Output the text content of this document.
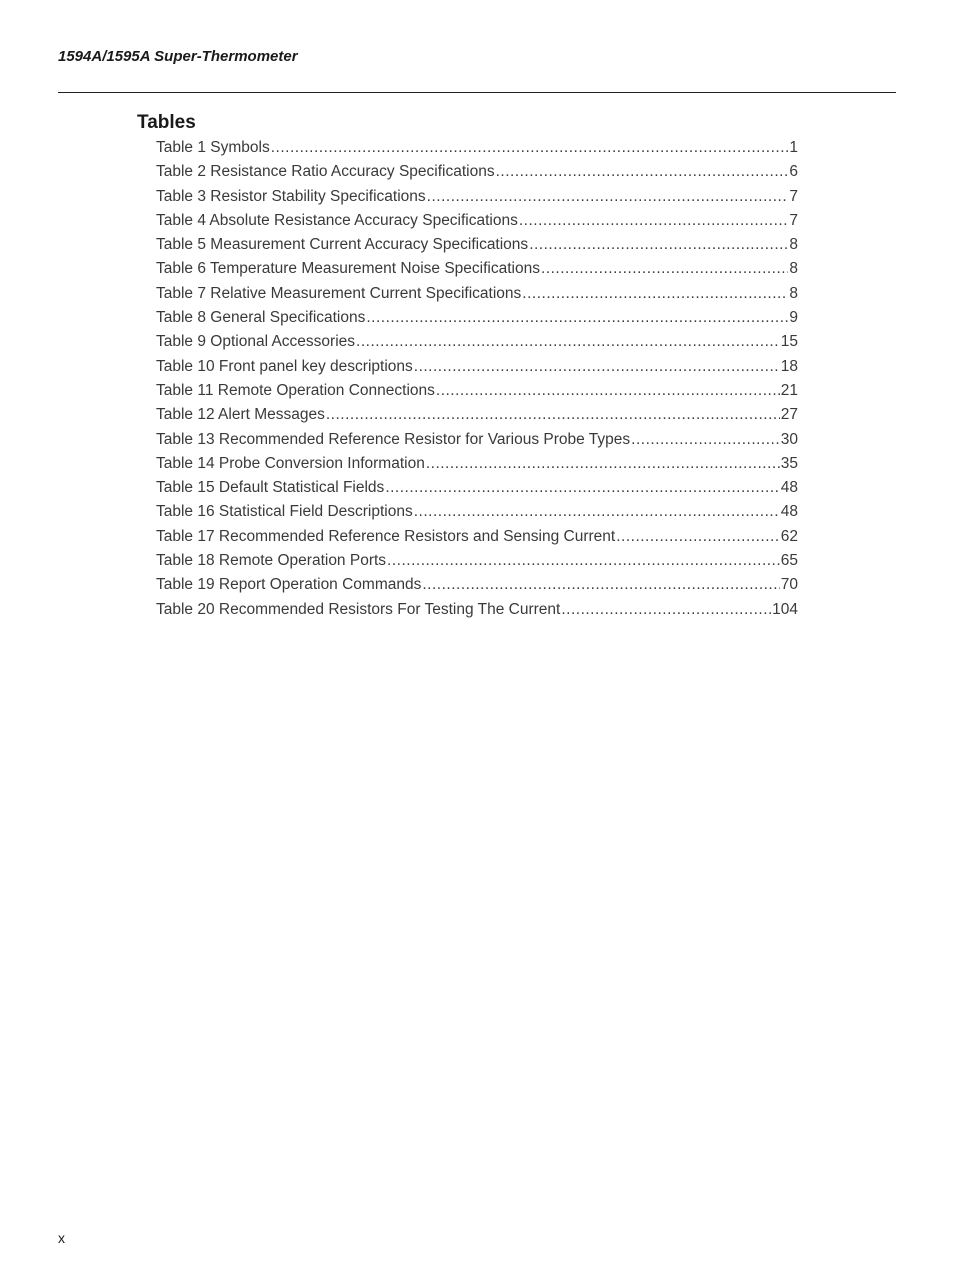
1594A/1595A Super-Thermometer
Tables
Table 1 Symbols .....	1
Table 2 Resistance Ratio Accuracy Specifications .....	6
Table 3 Resistor Stability Specifications .....	7
Table 4 Absolute Resistance Accuracy Specifications .....	7
Table 5 Measurement Current Accuracy Specifications .....	8
Table 6 Temperature Measurement Noise Specifications .....	8
Table 7 Relative Measurement Current Specifications .....	8
Table 8 General Specifications .....	9
Table 9 Optional Accessories .....	15
Table 10 Front panel key descriptions .....	18
Table 11 Remote Operation Connections .....	21
Table 12 Alert Messages .....	27
Table 13 Recommended Reference Resistor for Various Probe Types .....	30
Table 14 Probe Conversion Information .....	35
Table 15 Default Statistical Fields .....	48
Table 16 Statistical Field Descriptions .....	48
Table 17 Recommended Reference Resistors and Sensing Current .....	62
Table 18 Remote Operation Ports .....	65
Table 19 Report Operation Commands .....	70
Table 20 Recommended Resistors For Testing The Current .....	104
x
